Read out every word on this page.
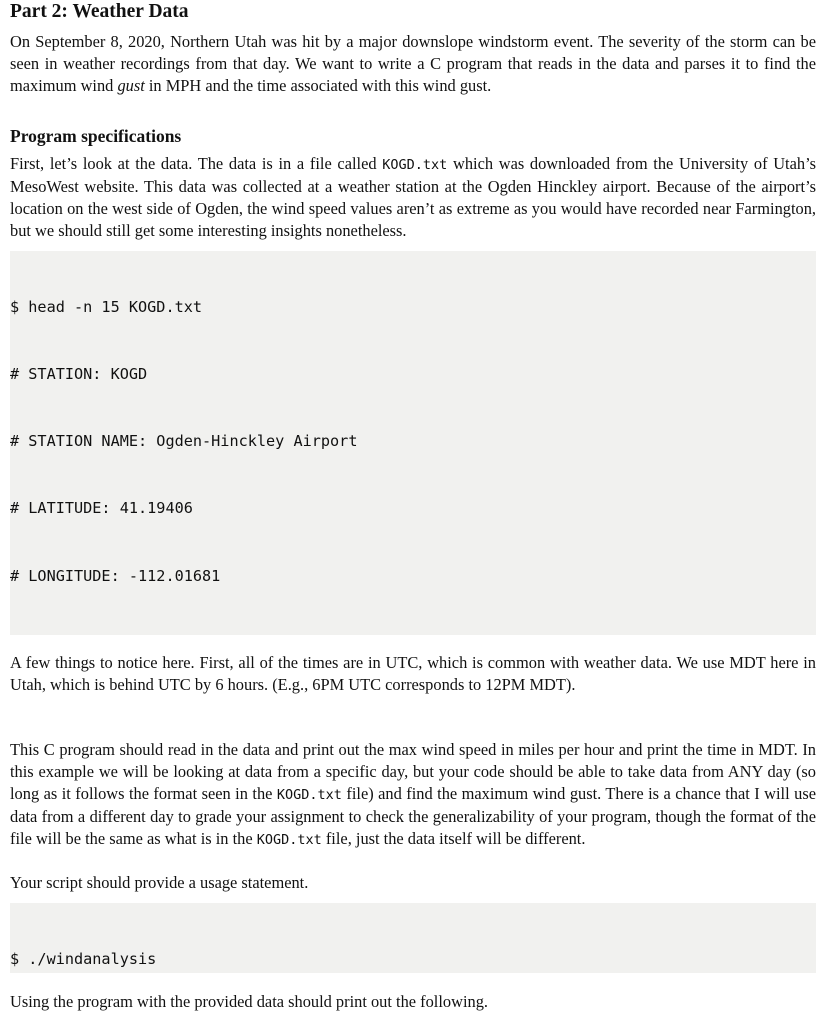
Part 2: Weather Data

On September 8, 2020, Northern Utah was hit by a major downslope windstorm event. The severity of the storm can be seen in weather recordings from that day. We want to write a C program that reads in the data and parses it to find the maximum wind gust in MPH and the time associated with this wind gust.

Program specifications

First, let’s look at the data. The data is in a file called KOGD.txt which was downloaded from the University of Utah’s MesoWest website. This data was collected at a weather station at the Ogden Hinckley airport. Because of the airport’s location on the west side of Ogden, the wind speed values aren’t as extreme as you would have recorded near Farmington, but we should still get some interesting insights nonetheless.

$ head -n 15 KOGD.txt

# STATION: KOGD

# STATION NAME: Ogden-Hinckley Airport

# LATITUDE: 41.19406

# LONGITUDE: -112.01681

A few things to notice here. First, all of the times are in UTC, which is common with weather data. We use MDT here in Utah, which is behind UTC by 6 hours. (E.g., 6PM UTC corresponds to 12PM MDT).

This C program should read in the data and print out the max wind speed in miles per hour and print the time in MDT. In this example we will be looking at data from a specific day, but your code should be able to take data from ANY day (so long as it follows the format seen in the KOGD.txt file) and find the maximum wind gust. There is a chance that I will use data from a different day to grade your assignment to check the generalizability of your program, though the format of the file will be the same as what is in the KOGD.txt file, just the data itself will be different.

Your script should provide a usage statement.

$ ./windanalysis

Using the program with the provided data should print out the following.
